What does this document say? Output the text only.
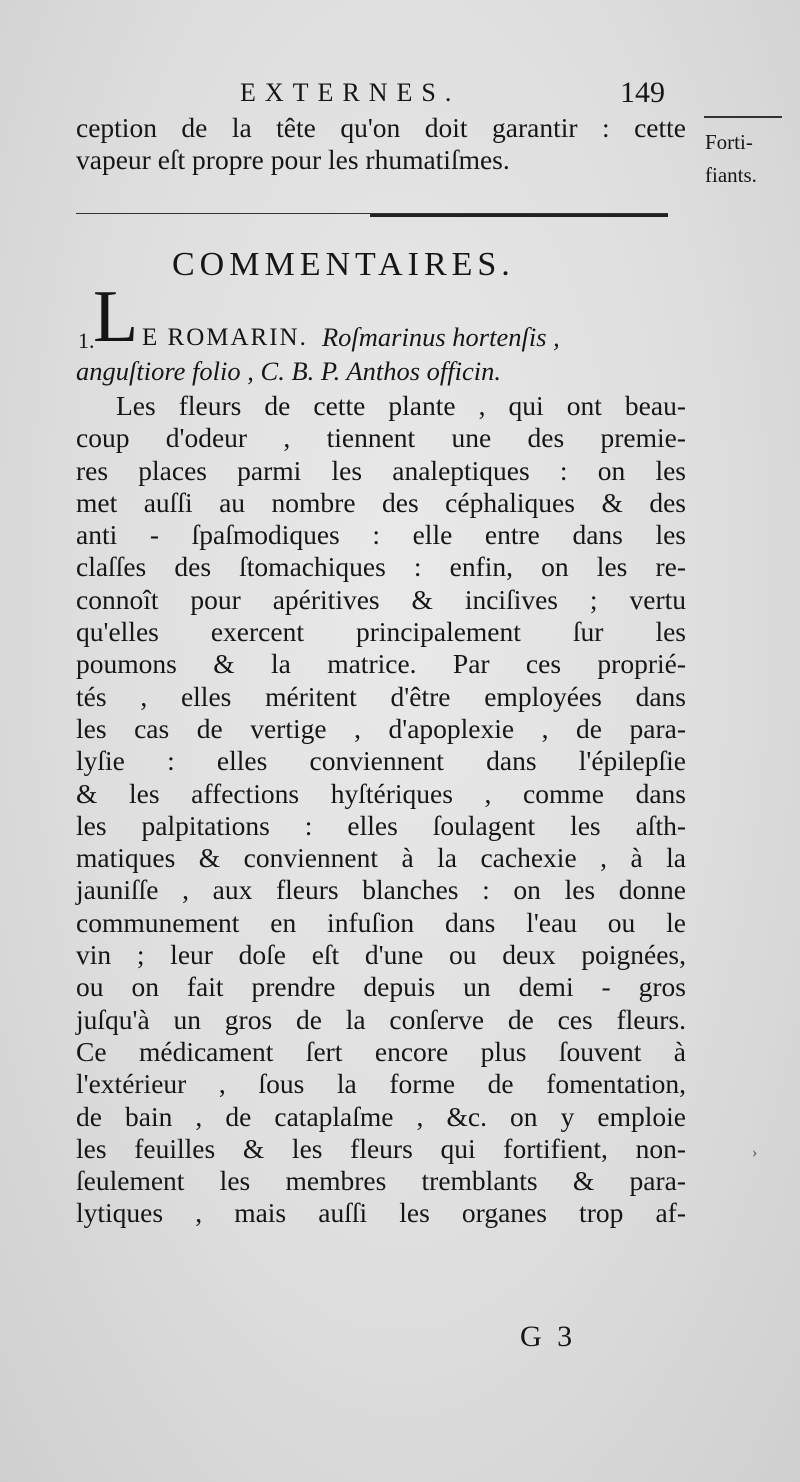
EXTERNES.	149
Forti-
fiants.
ception de la tête qu'on doit garantir : cette
vapeur eſt propre pour les rhumatiſmes.
COMMENTAIRES.
1.
L E ROMARIN. Roſmarinus hortenſis ,
anguſtiore folio , C. B. P. Anthos officin.
Les fleurs de cette plante , qui ont beau-
coup d'odeur , tiennent une des premie-
res places parmi les analeptiques : on les
met auſſi au nombre des céphaliques & des
anti - ſpaſmodiques : elle entre dans les
claſſes des ſtomachiques : enfin, on les re-
connoît pour apéritives & inciſives ; vertu
qu'elles exercent principalement ſur les
poumons & la matrice. Par ces proprié-
tés , elles méritent d'être employées dans
les cas de vertige , d'apoplexie , de para-
lyſie : elles conviennent dans l'épilepſie
& les affections hyſtériques , comme dans
les palpitations : elles ſoulagent les aſth-
matiques & conviennent à la cachexie , à la
jauniſſe , aux fleurs blanches : on les donne
communement en infuſion dans l'eau ou le
vin ; leur doſe eſt d'une ou deux poignées,
ou on fait prendre depuis un demi - gros
juſqu'à un gros de la conſerve de ces fleurs.
Ce médicament ſert encore plus ſouvent à
l'extérieur , ſous la forme de fomentation,
de bain , de cataplaſme , &c. on y emploie
les feuilles & les fleurs qui fortifient, non-
ſeulement les membres tremblants & para-
lytiques , mais auſſi les organes trop af-
G 3
›
